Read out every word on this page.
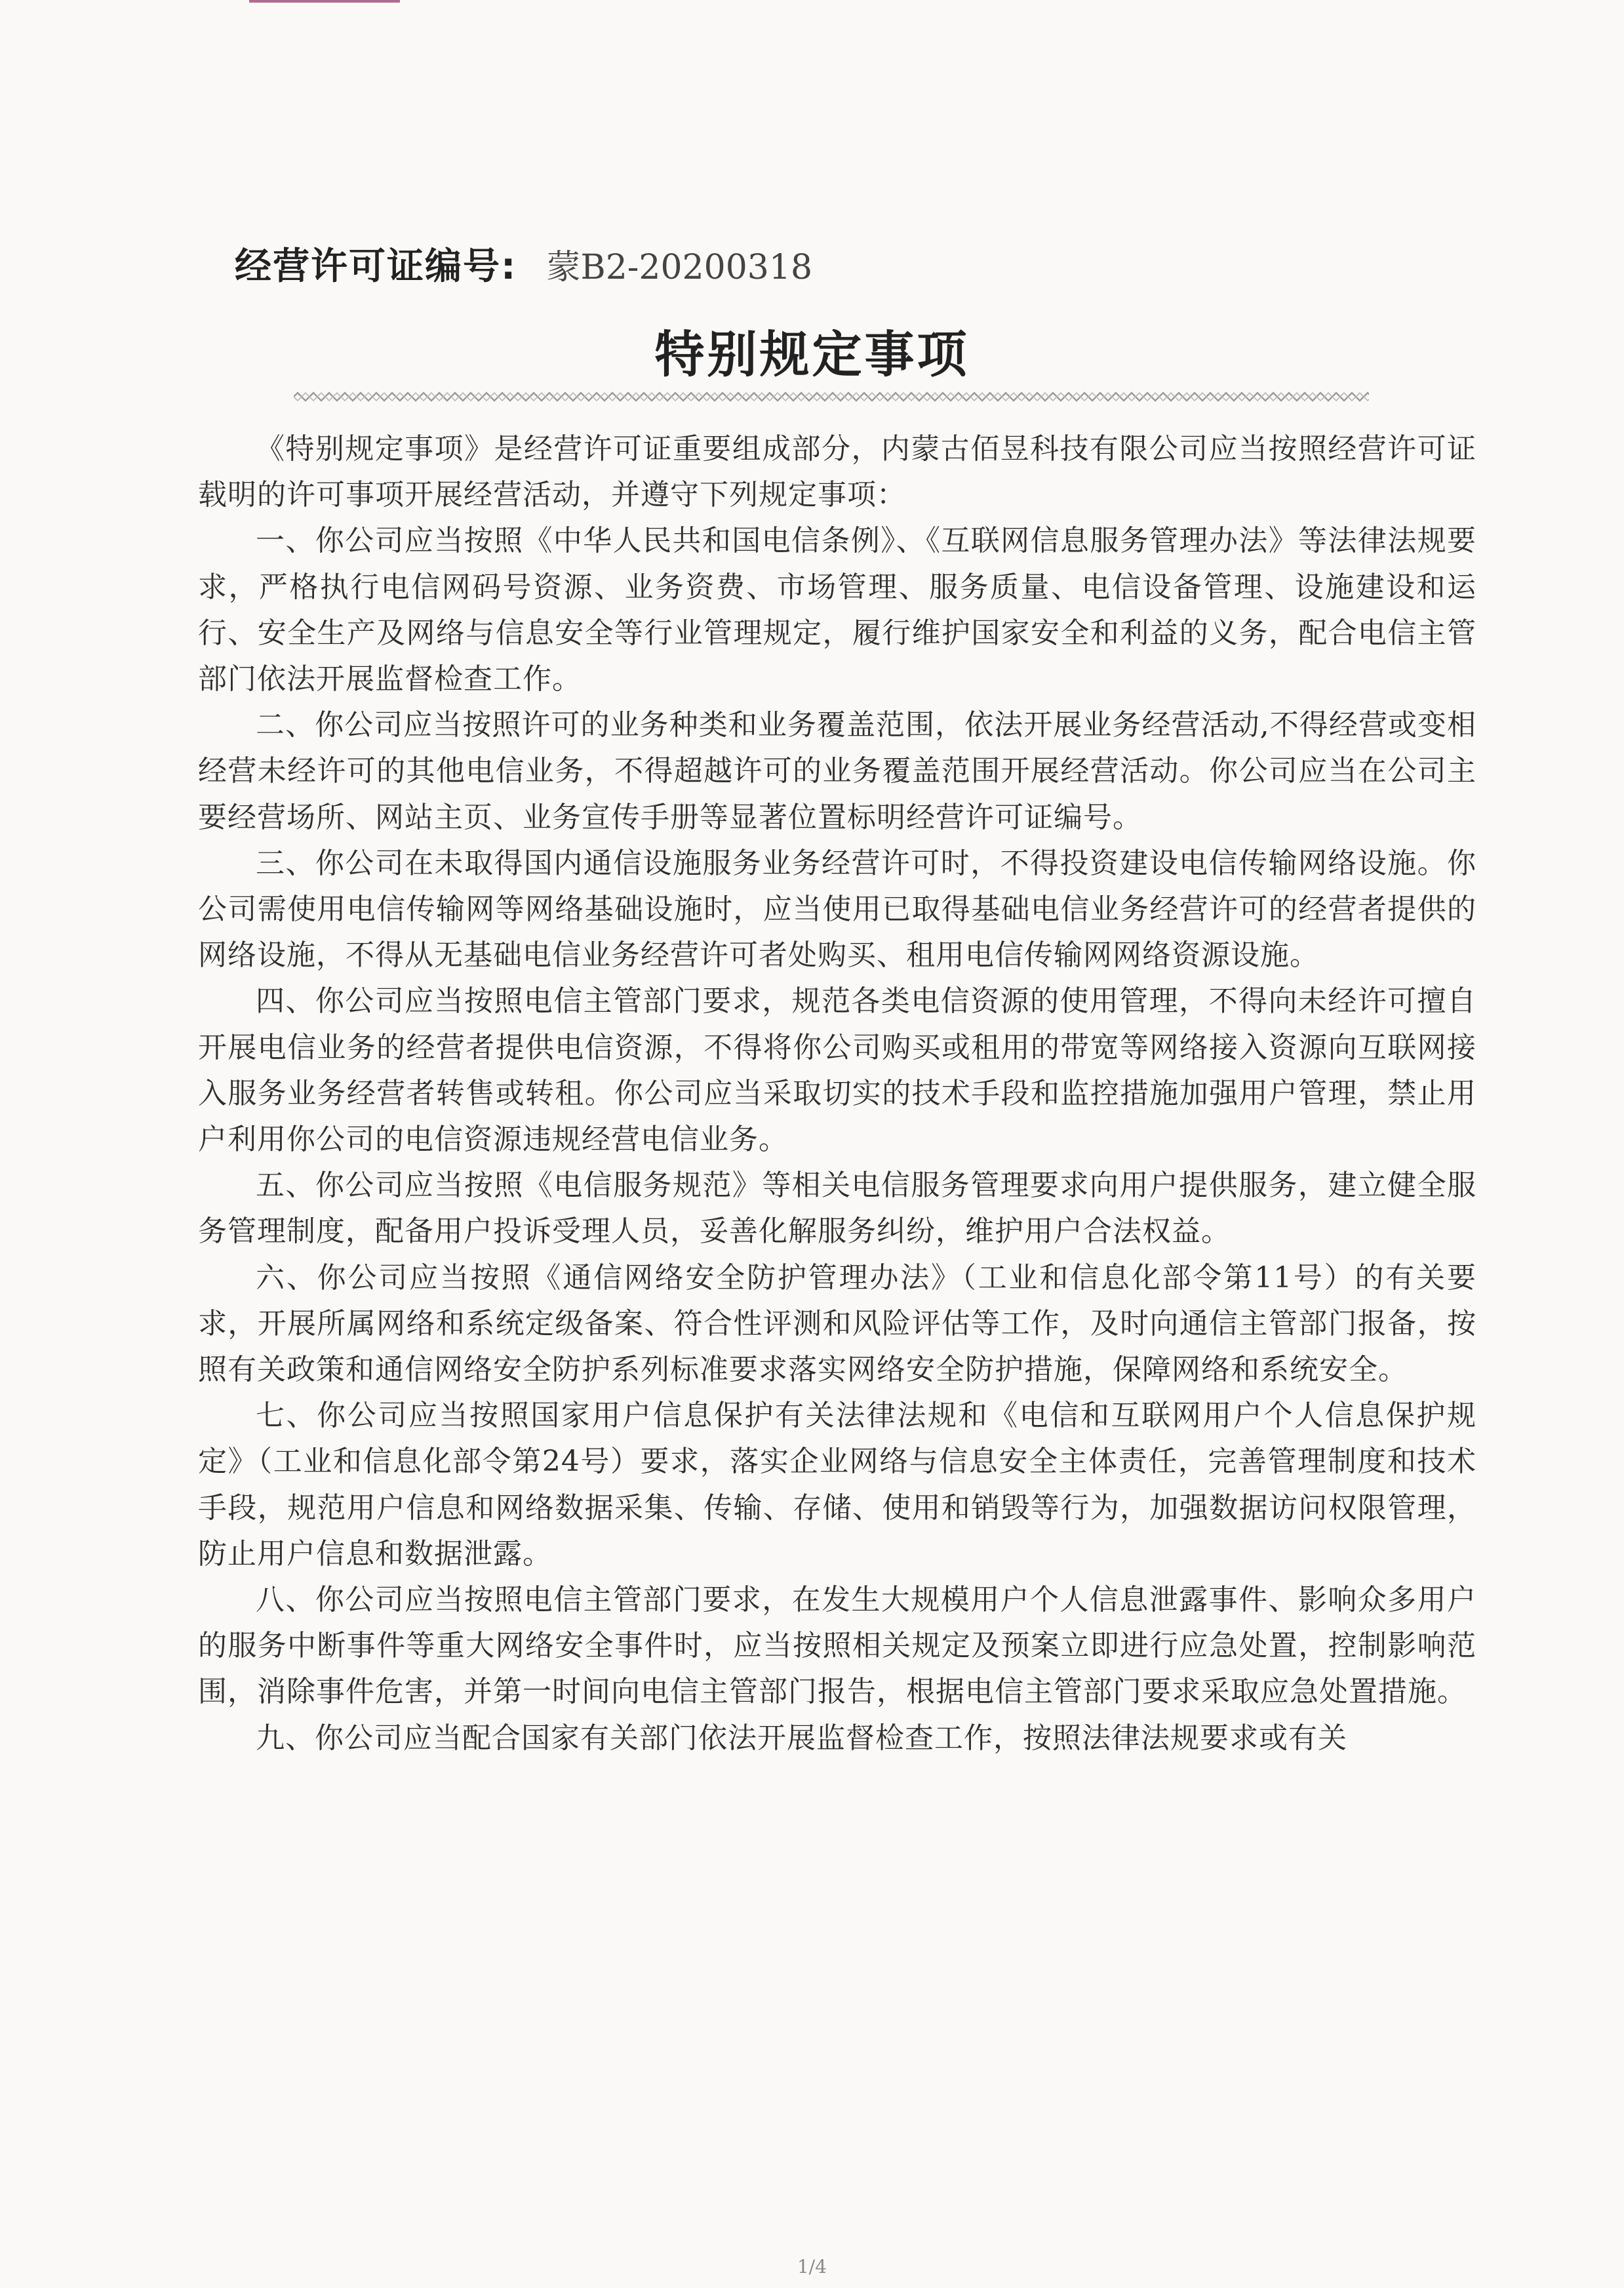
经营许可证编号: 蒙B2-20200318
特别规定事项

《特别规定事项》是经营许可证重要组成部分，内蒙古佰昱科技有限公司应当按照经营许可证载明的许可事项开展经营活动，并遵守下列规定事项：

一、你公司应当按照《中华人民共和国电信条例》、《互联网信息服务管理办法》等法律法规要求，严格执行电信网码号资源、业务资费、市场管理、服务质量、电信设备管理、设施建设和运行、安全生产及网络与信息安全等行业管理规定，履行维护国家安全和利益的义务，配合电信主管部门依法开展监督检查工作。

二、你公司应当按照许可的业务种类和业务覆盖范围，依法开展业务经营活动,不得经营或变相经营未经许可的其他电信业务，不得超越许可的业务覆盖范围开展经营活动。你公司应当在公司主要经营场所、网站主页、业务宣传手册等显著位置标明经营许可证编号。

三、你公司在未取得国内通信设施服务业务经营许可时，不得投资建设电信传输网络设施。你公司需使用电信传输网等网络基础设施时，应当使用已取得基础电信业务经营许可的经营者提供的网络设施，不得从无基础电信业务经营许可者处购买、租用电信传输网网络资源设施。

四、你公司应当按照电信主管部门要求，规范各类电信资源的使用管理，不得向未经许可擅自开展电信业务的经营者提供电信资源，不得将你公司购买或租用的带宽等网络接入资源向互联网接入服务业务经营者转售或转租。你公司应当采取切实的技术手段和监控措施加强用户管理，禁止用户利用你公司的电信资源违规经营电信业务。

五、你公司应当按照《电信服务规范》等相关电信服务管理要求向用户提供服务，建立健全服务管理制度，配备用户投诉受理人员，妥善化解服务纠纷，维护用户合法权益。

六、你公司应当按照《通信网络安全防护管理办法》（工业和信息化部令第11号）的有关要求，开展所属网络和系统定级备案、符合性评测和风险评估等工作，及时向通信主管部门报备，按照有关政策和通信网络安全防护系列标准要求落实网络安全防护措施，保障网络和系统安全。

七、你公司应当按照国家用户信息保护有关法律法规和《电信和互联网用户个人信息保护规定》（工业和信息化部令第24号）要求，落实企业网络与信息安全主体责任，完善管理制度和技术手段，规范用户信息和网络数据采集、传输、存储、使用和销毁等行为，加强数据访问权限管理，防止用户信息和数据泄露。

八、你公司应当按照电信主管部门要求，在发生大规模用户个人信息泄露事件、影响众多用户的服务中断事件等重大网络安全事件时，应当按照相关规定及预案立即进行应急处置，控制影响范围，消除事件危害，并第一时间向电信主管部门报告，根据电信主管部门要求采取应急处置措施。

九、你公司应当配合国家有关部门依法开展监督检查工作，按照法律法规要求或有关

1/4
